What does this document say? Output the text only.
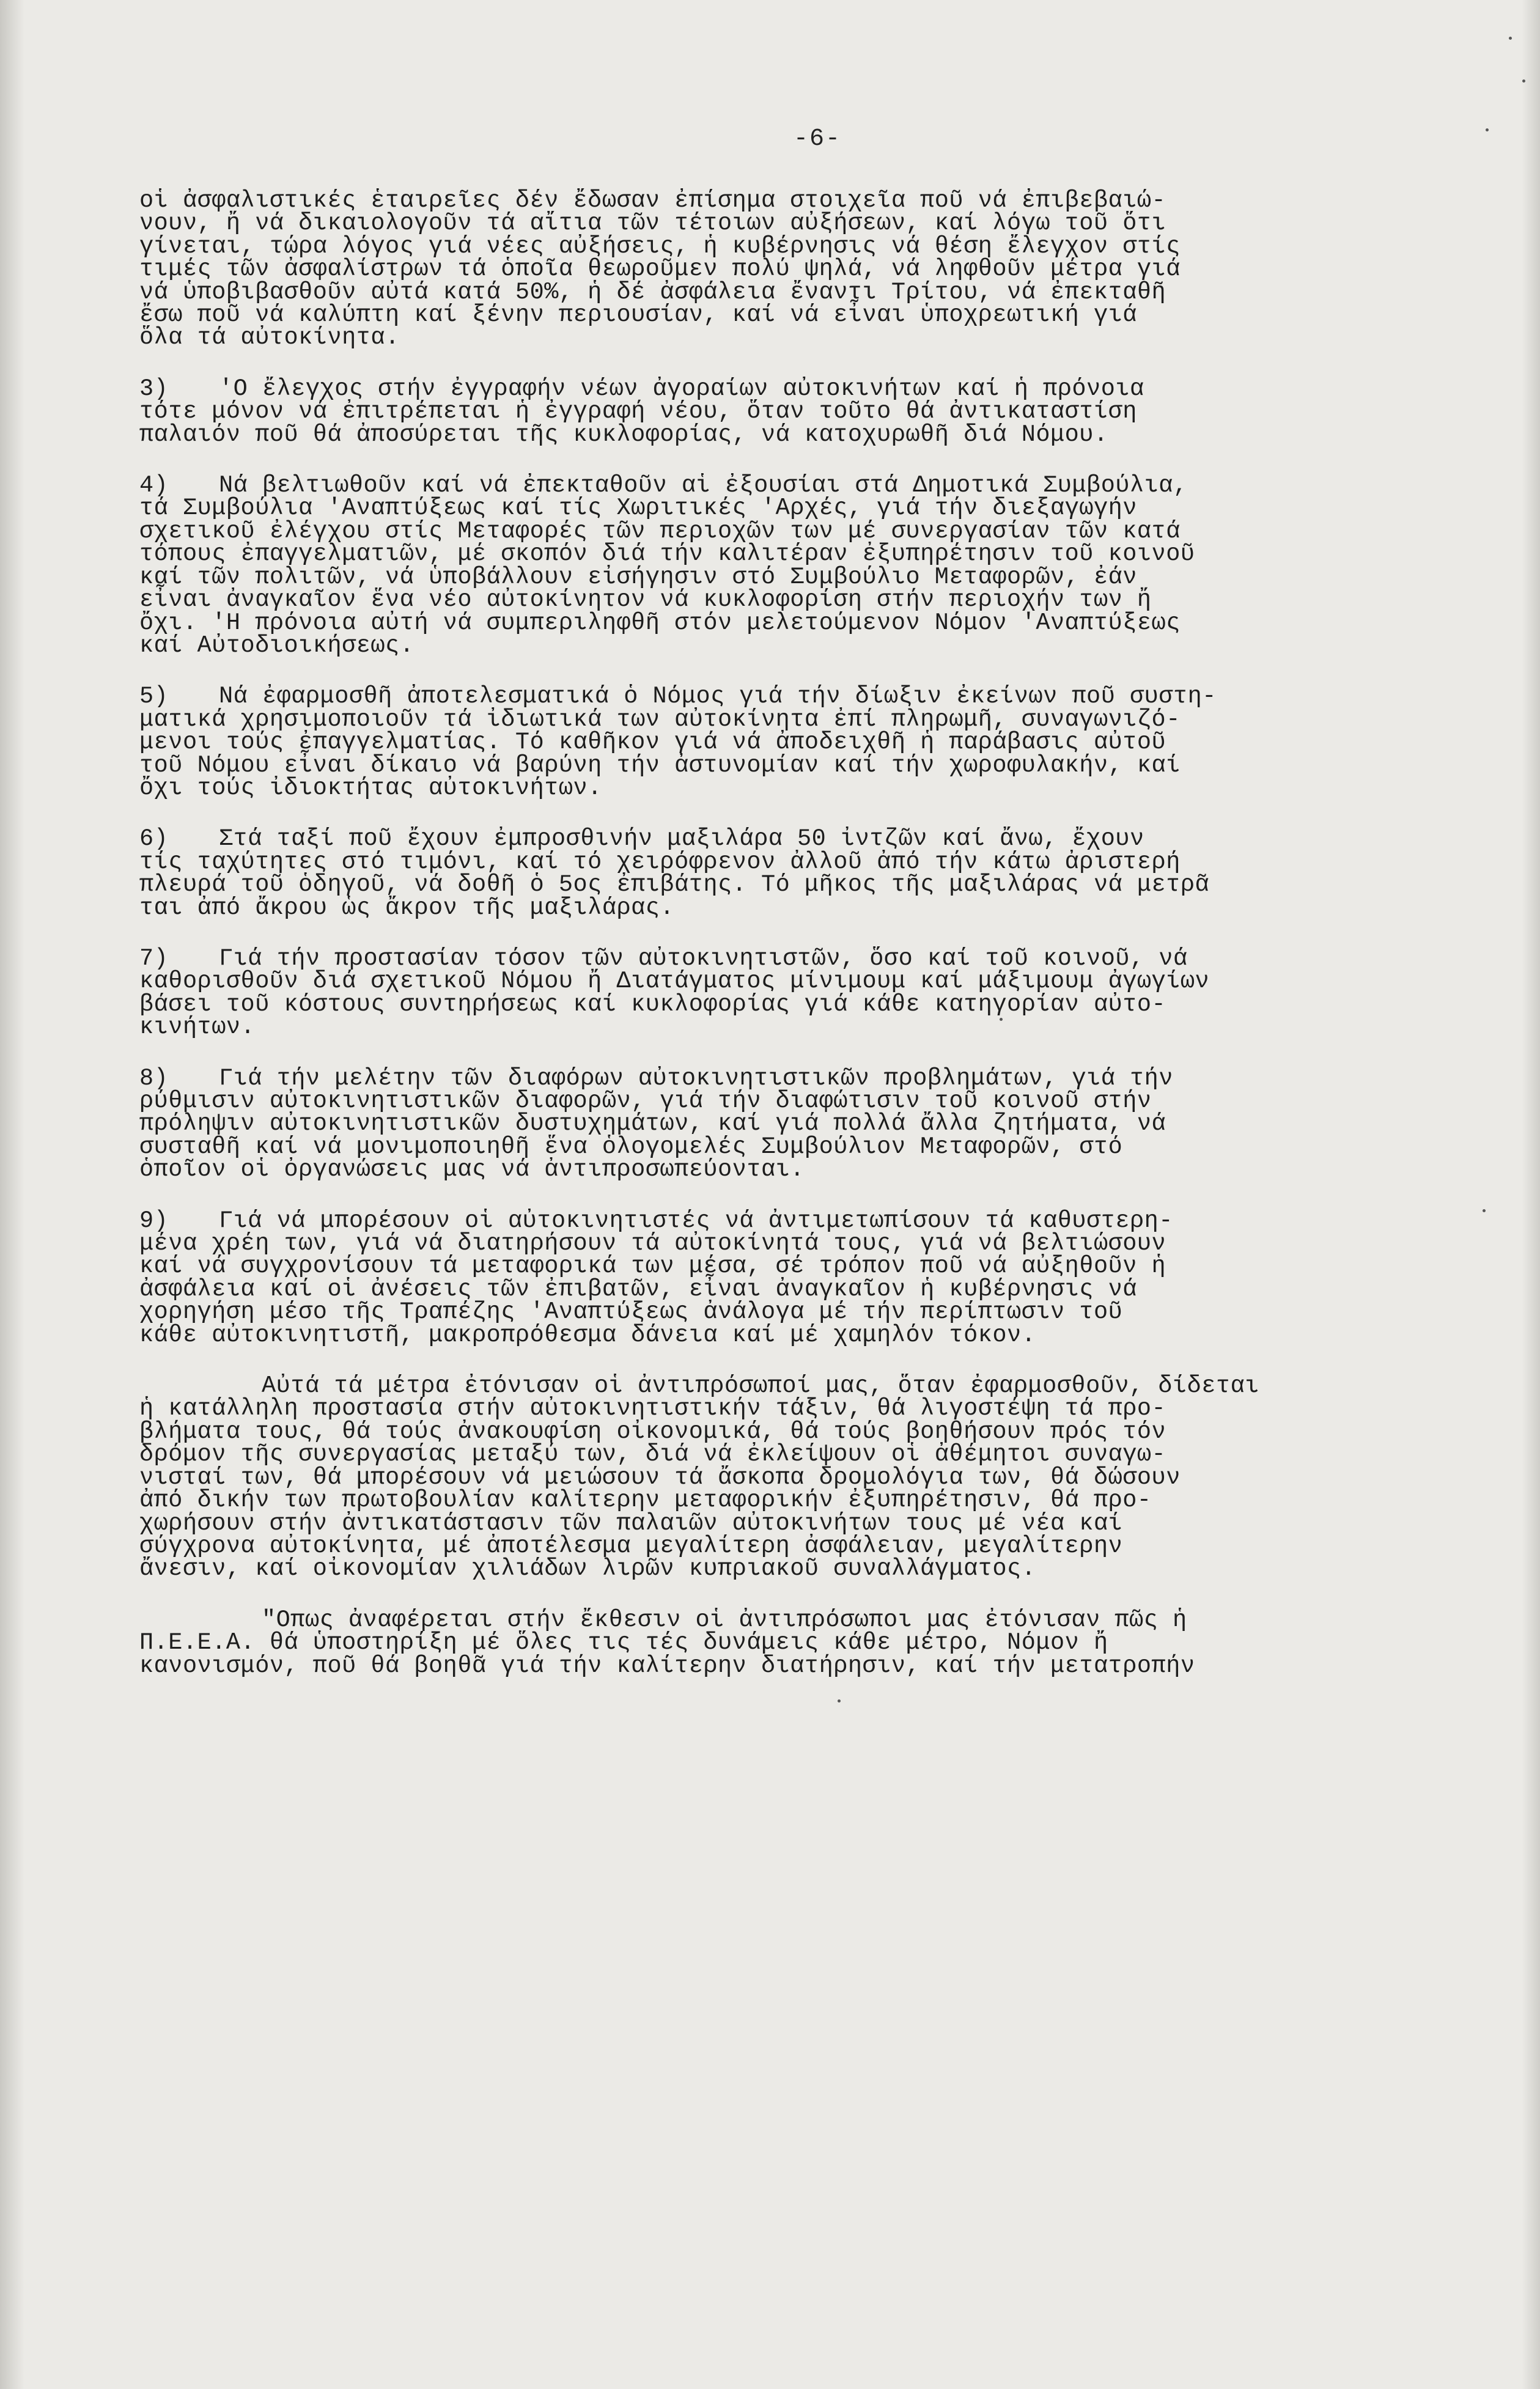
-6-
οἱ ἀσφαλιστικές ἑταιρεῖες δέν ἔδωσαν ἐπίσημα στοιχεῖα ποῦ νά ἐπιβεβαιώ-
νουν, ἤ νά δικαιολογοῦν τά αἴτια τῶν τέτοιων αὐξήσεων, καί λόγω τοῦ ὅτι
γίνεται, τώρα λόγος γιά νέες αὐξήσεις, ἡ κυβέρνησις νά θέση ἔλεγχον στίς
τιμές τῶν ἀσφαλίστρων τά ὁποῖα θεωροῦμεν πολύ ψηλά, νά ληφθοῦν μέτρα γιά
νά ὑποβιβασθοῦν αὐτά κατά 50%, ἡ δέ ἀσφάλεια ἔναντι Τρίτου, νά ἐπεκταθῆ
ἔσω ποῦ νά καλύπτη καί ξένην περιουσίαν, καί νά εἶναι ὑποχρεωτική γιά
ὅλα τά αὐτοκίνητα.
3) 'Ο ἔλεγχος στήν ἐγγραφήν νέων ἀγοραίων αὐτοκινήτων καί ἡ πρόνοια
τότε μόνον νά ἐπιτρέπεται ἡ ἐγγραφή νέου, ὅταν τοῦτο θά ἀντικαταστίση
παλαιόν ποῦ θά ἀποσύρεται τῆς κυκλοφορίας, νά κατοχυρωθῆ διά Νόμου.
4) Νά βελτιωθοῦν καί νά ἐπεκταθοῦν αἱ ἐξουσίαι στά Δημοτικά Συμβούλια,
τά Συμβούλια 'Αναπτύξεως καί τίς Χωριτικές 'Αρχές, γιά τήν διεξαγωγήν
σχετικοῦ ἐλέγχου στίς Μεταφορές τῶν περιοχῶν των μέ συνεργασίαν τῶν κατά
τόπους ἐπαγγελματιῶν, μέ σκοπόν διά τήν καλιτέραν ἐξυπηρέτησιν τοῦ κοινοῦ
καί τῶν πολιτῶν, νά ὑποβάλλουν εἰσήγησιν στό Συμβούλιο Μεταφορῶν, ἐάν
εἶναι ἀναγκαῖον ἕνα νέο αὐτοκίνητον νά κυκλοφορίση στήν περιοχήν των ἤ
ὄχι. 'Η πρόνοια αὐτή νά συμπεριληφθῆ στόν μελετούμενον Νόμον 'Αναπτύξεως
καί Αὐτοδιοικήσεως.
5) Νά ἐφαρμοσθῆ ἀποτελεσματικά ὁ Νόμος γιά τήν δίωξιν ἐκείνων ποῦ συστη-
ματικά χρησιμοποιοῦν τά ἰδιωτικά των αὐτοκίνητα ἐπί πληρωμῆ, συναγωνιζό-
μενοι τούς ἐπαγγελματίας. Τό καθῆκον γιά νά ἀποδειχθῆ ἡ παράβασις αὐτοῦ
τοῦ Νόμου εἶναι δίκαιο νά βαρύνη τήν ἀστυνομίαν καί τήν χωροφυλακήν, καί
ὄχι τούς ἰδιοκτήτας αὐτοκινήτων.
6) Στά ταξί ποῦ ἔχουν ἐμπροσθινήν μαξιλάρα 50 ἰντζῶν καί ἄνω, ἔχουν
τίς ταχύτητες στό τιμόνι, καί τό χειρόφρενον ἀλλοῦ ἀπό τήν κάτω ἀριστερή
πλευρά τοῦ ὁδηγοῦ, νά δοθῆ ὁ 5ος ἐπιβάτης. Τό μῆκος τῆς μαξιλάρας νά μετρᾶ
ται ἀπό ἄκρου ὡς ἄκρον τῆς μαξιλάρας.
7) Γιά τήν προστασίαν τόσον τῶν αὐτοκινητιστῶν, ὅσο καί τοῦ κοινοῦ, νά
καθορισθοῦν διά σχετικοῦ Νόμου ἤ Διατάγματος μίνιμουμ καί μάξιμουμ ἀγωγίων
βάσει τοῦ κόστους συντηρήσεως καί κυκλοφορίας γιά κάθε κατηγορίαν αὐτο-
κινήτων.
8) Γιά τήν μελέτην τῶν διαφόρων αὐτοκινητιστικῶν προβλημάτων, γιά τήν
ρύθμισιν αὐτοκινητιστικῶν διαφορῶν, γιά τήν διαφώτισιν τοῦ κοινοῦ στήν
πρόληψιν αὐτοκινητιστικῶν δυστυχημάτων, καί γιά πολλά ἄλλα ζητήματα, νά
συσταθῆ καί νά μονιμοποιηθῆ ἕνα ὁλογομελές Συμβούλιον Μεταφορῶν, στό
ὁποῖον οἱ ὀργανώσεις μας νά ἀντιπροσωπεύονται.
9) Γιά νά μπορέσουν οἱ αὐτοκινητιστές νά ἀντιμετωπίσουν τά καθυστερη-
μένα χρέη των, γιά νά διατηρήσουν τά αὐτοκίνητά τους, γιά νά βελτιώσουν
καί νά συγχρονίσουν τά μεταφορικά των μέσα, σέ τρόπον ποῦ νά αὐξηθοῦν ἡ
ἀσφάλεια καί οἱ ἀνέσεις τῶν ἐπιβατῶν, εἶναι ἀναγκαῖον ἡ κυβέρνησις νά
χορηγήση μέσο τῆς Τραπέζης 'Αναπτύξεως ἀνάλογα μέ τήν περίπτωσιν τοῦ
κάθε αὐτοκινητιστῆ, μακροπρόθεσμα δάνεια καί μέ χαμηλόν τόκον.
Αὐτά τά μέτρα ἐτόνισαν οἱ ἀντιπρόσωποί μας, ὅταν ἐφαρμοσθοῦν, δίδεται
ἡ κατάλληλη προστασία στήν αὐτοκινητιστικήν τάξιν, θά λιγοστέψη τά προ-
βλήματα τους, θά τούς ἀνακουφίση οἰκονομικά, θά τούς βοηθήσουν πρός τόν
δρόμον τῆς συνεργασίας μεταξύ των, διά νά ἐκλείψουν οἱ ἀθέμητοι συναγω-
νισταί των, θά μπορέσουν νά μειώσουν τά ἄσκοπα δρομολόγια των, θά δώσουν
ἀπό δικήν των πρωτοβουλίαν καλίτερην μεταφορικήν ἐξυπηρέτησιν, θά προ-
χωρήσουν στήν ἀντικατάστασιν τῶν παλαιῶν αὐτοκινήτων τους μέ νέα καί
σύγχρονα αὐτοκίνητα, μέ ἀποτέλεσμα μεγαλίτερη ἀσφάλειαν, μεγαλίτερην
ἄνεσιν, καί οἰκονομίαν χιλιάδων λιρῶν κυπριακοῦ συναλλάγματος.
"Οπως ἀναφέρεται στήν ἔκθεσιν οἱ ἀντιπρόσωποι μας ἐτόνισαν πῶς ἡ
Π.Ε.Ε.Α. θά ὑποστηρίξη μέ ὅλες τις τές δυνάμεις κάθε μέτρο, Νόμον ἤ
κανονισμόν, ποῦ θά βοηθᾶ γιά τήν καλίτερην διατήρησιν, καί τήν μετατροπήν
